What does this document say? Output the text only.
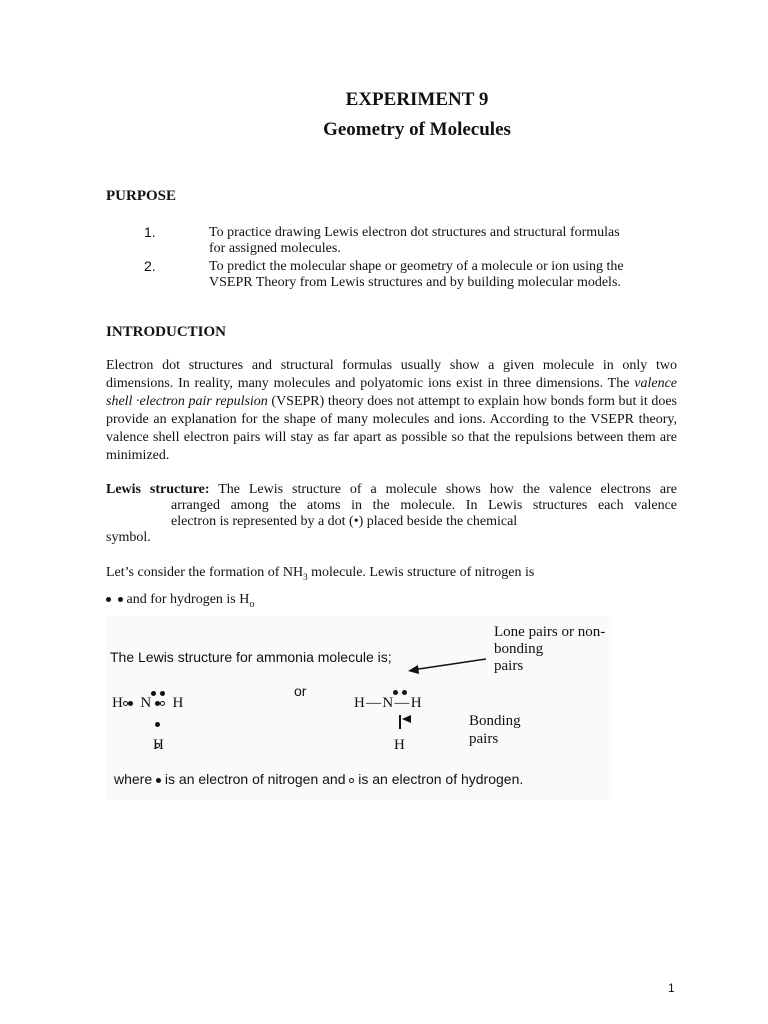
EXPERIMENT 9
Geometry of Molecules
PURPOSE
1.	To practice drawing Lewis electron dot structures and structural formulas
for assigned molecules.
2.	To predict the molecular shape or geometry of a molecule or ion using the
VSEPR Theory from Lewis structures and by building molecular models.
INTRODUCTION
Electron dot structures and structural formulas usually show a given molecule in only two dimensions. In reality, many molecules and polyatomic ions exist in three dimensions. The valence shell ·electron pair repulsion (VSEPR) theory does not attempt to explain how bonds form but it does provide an explanation for the shape of many molecules and ions. According to the VSEPR theory, valence shell electron pairs will stay as far apart as possible so that the repulsions between them are minimized.
Lewis structure: The Lewis structure of a molecule shows how the valence electrons are
arranged among the atoms in the molecule. In Lewis structures each valence
electron is represented by a dot (•) placed beside the chemical
symbol.
Let’s consider the formation of $NH_3$ molecule. Lewis structure of nitrogen is
and for hydrogen is $H_o$
The Lewis structure for ammonia molecule is;
Lone pairs or non-
bonding
pairs

H N H
H
or

H — N — H
H
Bonding
pairs
where  is an electron of nitrogen and  is an electron of hydrogen.
1
